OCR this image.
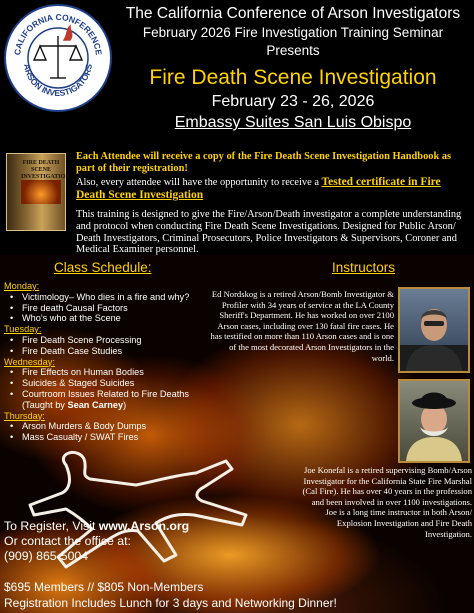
CALIFORNIA CONFERENCE
ARSON INVESTIGATORS
The California Conference of Arson Investigators
February 2026 Fire Investigation Training Seminar
Presents
Fire Death Scene Investigation
February 23 - 26, 2026
Embassy Suites San Luis Obispo
FIRE DEATH SCENE INVESTIGATION
Each Attendee will receive a copy of the Fire Death Scene Investigation Handbook as part of their registration!
Also, every attendee will have the opportunity to receive a Tested certificate in Fire Death Scene Investigation
This training is designed to give the Fire/Arson/Death investigator a complete understanding and protocol when conducting Fire Death Scene Investigations. Designed for Public Arson/ Death Investigators, Criminal Prosecutors, Police Investigators & Supervisors, Coroner and Medical Examiner personnel.
Class Schedule:
Monday:
• Victimology– Who dies in a fire and why?
• Fire death Causal Factors
• Who's who at the Scene
Tuesday:
• Fire Death Scene Processing
• Fire Death Case Studies
Wednesday:
• Fire Effects on Human Bodies
• Suicides & Staged Suicides
• Courtroom Issues Related to Fire Deaths
(Taught by Sean Carney)
Thursday:
• Arson Murders & Body Dumps
• Mass Casualty / SWAT Fires
Instructors
Ed Nordskog is a retired Arson/Bomb Investigator & Profiler with 34 years of service at the LA County Sheriff's Department. He has worked on over 2100 Arson cases, including over 130 fatal fire cases. He has testified on more than 110 Arson cases and is one of the most decorated Arson Investigators in the world.
Joe Konefal is a retired supervising Bomb/Arson Investigator for the California State Fire Marshal (Cal Fire). He has over 40 years in the profession and been involved in over 1100 investigations. Joe is a long time instructor in both Arson/ Explosion Investigation and Fire Death Investigation.
To Register, Visit www.Arson.org
Or contact the office at:
(909) 865-5004
$695 Members // $805 Non-Members
Registration Includes Lunch for 3 days and Networking Dinner!
